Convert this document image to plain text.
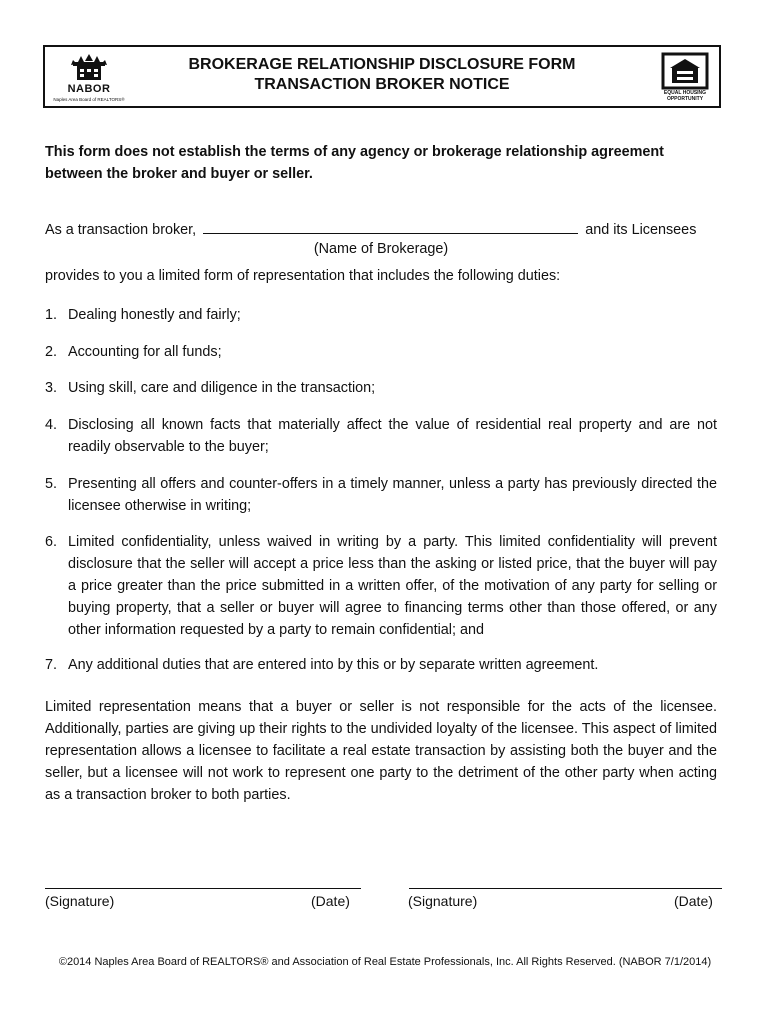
NABOR
Naples Area Board of REALTORS®
BROKERAGE RELATIONSHIP DISCLOSURE FORM
TRANSACTION BROKER NOTICE	EQUAL HOUSING OPPORTUNITY
This form does not establish the terms of any agency or brokerage relationship agreement between the broker and buyer or seller.
As a transaction broker,	and its Licensees
(Name of Brokerage)
provides to you a limited form of representation that includes the following duties:
1. Dealing honestly and fairly;
2. Accounting for all funds;
3. Using skill, care and diligence in the transaction;
4. Disclosing all known facts that materially affect the value of residential real property and are not readily observable to the buyer;
5. Presenting all offers and counter-offers in a timely manner, unless a party has previously directed the licensee otherwise in writing;
6. Limited confidentiality, unless waived in writing by a party. This limited confidentiality will prevent disclosure that the seller will accept a price less than the asking or listed price, that the buyer will pay a price greater than the price submitted in a written offer, of the motivation of any party for selling or buying property, that a seller or buyer will agree to financing terms other than those offered, or any other information requested by a party to remain confidential; and
7. Any additional duties that are entered into by this or by separate written agreement.
Limited representation means that a buyer or seller is not responsible for the acts of the licensee. Additionally, parties are giving up their rights to the undivided loyalty of the licensee. This aspect of limited representation allows a licensee to facilitate a real estate transaction by assisting both the buyer and the seller, but a licensee will not work to represent one party to the detriment of the other party when acting as a transaction broker to both parties.
(Signature)	(Date)	(Signature)	(Date)
©2014 Naples Area Board of REALTORS® and Association of Real Estate Professionals, Inc. All Rights Reserved. (NABOR 7/1/2014)
